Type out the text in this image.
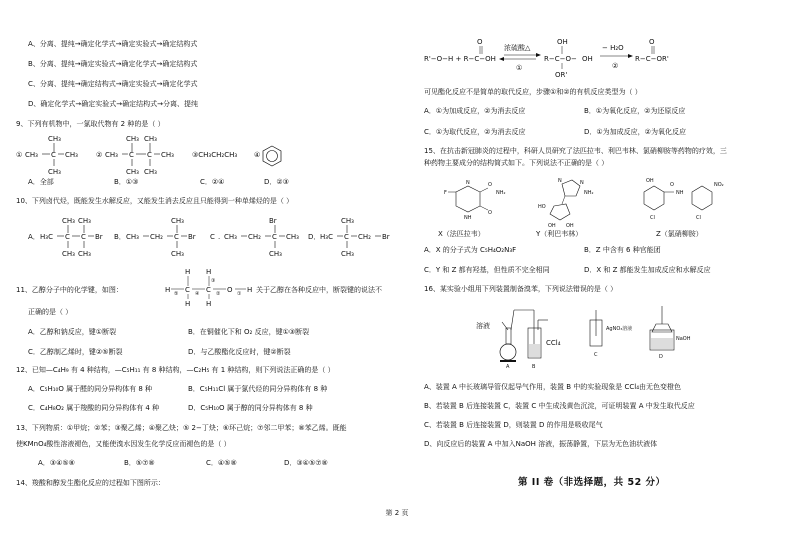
A、分离、提纯→确定化学式→确定实验式→确定结构式
B、分离、提纯→确定实验式→确定化学式→确定结构式
C、分离、提纯→确定结构式→确定实验式→确定化学式
D、确定化学式→确定实验式→确定结构式→分离、提纯
9、下列有机物中，一氯取代物有 2 种的是（ ）
① CH₃ C
CH₃
CH₃
CH₃	② CH₃ C
CH₃
CH₃
C
CH₃
CH₃
CH₃	③CH₃CH₂CH₃ ④
A．全部	B．①③	C．②④	D．②③
10、下列卤代烃，既能发生水解反应，又能发生消去反应且只能得到一种单烯烃的是（ ）
A． H₃C C
CH₃
CH₃
C
CH₃
CH₃
Br B． CH₃ CH₂ C
CH₃
CH₃
Br C . CH₃ CH₂ C
Br
CH₃
CH₃ D． H₃C C
CH₃
CH₃
CH₂ Br
11、乙醇分子中的化学键，如图：	H ⑤ C
H
H
④ C
H
③
H
② O ① H 关于乙醇在各种反应中，断裂键的说法不
正确的是（ ）
A．乙醇和钠反应，键①断裂	B．在铜催化下和 O₂ 反应，键①③断裂
C．乙醇制乙烯时，键②⑤断裂	D．与乙酸酯化反应时，键②断裂
12、已知—C₄H₉ 有 4 种结构，—C₅H₁₁ 有 8 种结构，—C₂H₅ 有 1 种结构，则下列说法正确的是（ ）
A．C₅H₁₀O 属于醛的同分异构体有 8 种	B．C₅H₁₁Cl 属于氯代烃的同分异构体有 8 种
C．C₄H₈O₂ 属于羧酸的同分异构体有 4 种	D．C₅H₁₀O 属于醇的同分异构体有 8 种
13、下列物质：①甲烷；②苯；③聚乙烯；④聚乙炔；⑤ 2−丁炔；⑥环己烷；⑦邻二甲苯；⑧苯乙烯。既能
使KMnO₄酸性溶液褪色，又能使溴水因发生化学反应而褪色的是（ ）
A．③④⑤⑧	B．⑤⑦⑧	C．④⑤⑧	D．③④⑤⑦⑧
14、羧酸和醇发生酯化反应的过程如下图所示：
R'−O−H + R−C−OH
O
浓硫酸△
①
OH
R−C−O−
OR'
OH
− H₂O
②
R−C−OR'
O
可见酯化反应不是简单的取代反应，步骤①和②的有机反应类型为（ ）
A．①为加成反应，②为消去反应	B．①为氧化反应，②为还原反应
C．①为取代反应，②为消去反应	D．①为加成反应，②为氧化反应
15、在抗击新冠肺炎的过程中，科研人员研究了法匹拉韦、利巴韦林、氯硝柳胺等药物的疗效，三
种药物主要成分的结构简式如下。下列说法不正确的是（ ）
F
N
NH
O
NH₂
O
X（法匹拉韦）
N	N
NH₂
HO
OH OH
Y（利巴韦林）
OH
Cl
O
NH
NO₂
Cl
Z（氯硝柳胺）
A．X 的分子式为 C₅H₄O₂N₃F	B．Z 中含有 6 种官能团
C．Y 和 Z 都有羟基，但性质不完全相同	D．X 和 Z 都能发生加成反应和水解反应
16、某实验小组用下列装置制备溴苯，下列说法错误的是（ ）
溶液
A
CCl₄
B
C
AgNO₃溶液
NaOH
D
A、装置 A 中长玻璃导管仅起导气作用，装置 B 中的实验现象是 CCl₄由无色变橙色
B、若装置 B 后连接装置 C，装置 C 中生成浅黄色沉淀，可证明装置 A 中发生取代反应
C、若装置 B 后连接装置 D，则装置 D 的作用是吸收尾气
D、向反应后的装置 A 中加入NaOH 溶液，振荡静置，下层为无色油状液体
第 II 卷（非选择题，共 52 分）
第 2 页
